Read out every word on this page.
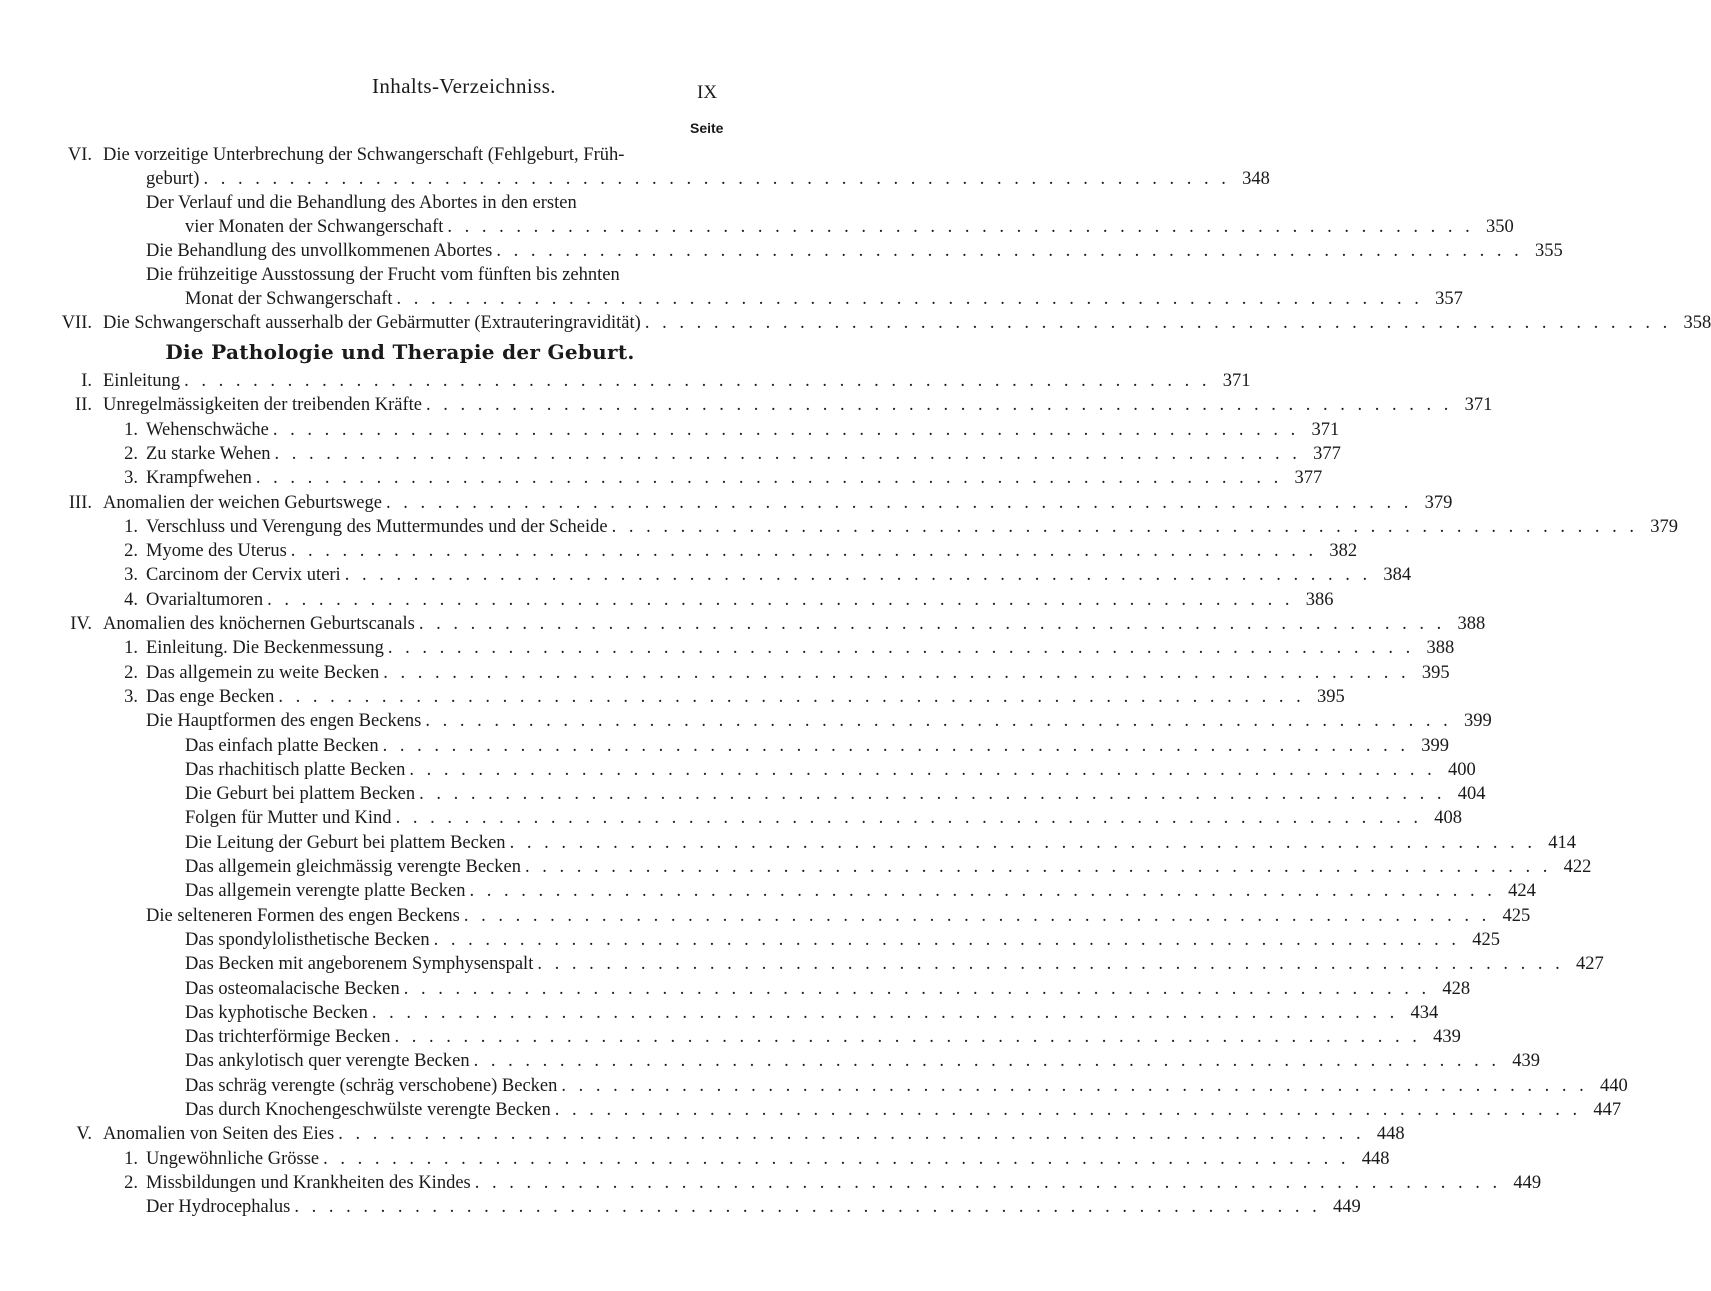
Inhalts-Verzeichniss.	IX
Seite
VI. Die vorzeitige Unterbrechung der Schwangerschaft (Fehlgeburt, Früh-
geburt) . . . . . . . . . . . . . . . . . . . . . . . . . . . . . . . . . . . . . . . . . . . . . . . . . . . . . . . . . . . . 348
Der Verlauf und die Behandlung des Abortes in den ersten
vier Monaten der Schwangerschaft . . . . . . . . . . . . . . . . . . . . . . . . . . . . . . . . . . . . . . . . . . . . . . . . . . . . . . . . . . . . 350
Die Behandlung des unvollkommenen Abortes . . . . . . . . . . . . . . . . . . . . . . . . . . . . . . . . . . . . . . . . . . . . . . . . . . . . . . . . . . . . 355
Die frühzeitige Ausstossung der Frucht vom fünften bis zehnten
Monat der Schwangerschaft . . . . . . . . . . . . . . . . . . . . . . . . . . . . . . . . . . . . . . . . . . . . . . . . . . . . . . . . . . . . 357
VII. Die Schwangerschaft ausserhalb der Gebärmutter (Extrauteringravidität) . . . . . . . . . . . . . . . . . . . . . . . . . . . . . . . . . . . . . . . . . . . . . . . . . . . . . . . . . . . . 358
Die Pathologie und Therapie der Geburt.
I. Einleitung . . . . . . . . . . . . . . . . . . . . . . . . . . . . . . . . . . . . . . . . . . . . . . . . . . . . . . . . . . . . 371
II. Unregelmässigkeiten der treibenden Kräfte . . . . . . . . . . . . . . . . . . . . . . . . . . . . . . . . . . . . . . . . . . . . . . . . . . . . . . . . . . . . 371
1. Wehenschwäche . . . . . . . . . . . . . . . . . . . . . . . . . . . . . . . . . . . . . . . . . . . . . . . . . . . . . . . . . . . . 371
2. Zu starke Wehen . . . . . . . . . . . . . . . . . . . . . . . . . . . . . . . . . . . . . . . . . . . . . . . . . . . . . . . . . . . . 377
3. Krampfwehen . . . . . . . . . . . . . . . . . . . . . . . . . . . . . . . . . . . . . . . . . . . . . . . . . . . . . . . . . . . . 377
III. Anomalien der weichen Geburtswege . . . . . . . . . . . . . . . . . . . . . . . . . . . . . . . . . . . . . . . . . . . . . . . . . . . . . . . . . . . . 379
1. Verschluss und Verengung des Muttermundes und der Scheide . . . . . . . . . . . . . . . . . . . . . . . . . . . . . . . . . . . . . . . . . . . . . . . . . . . . . . . . . . . . 379
2. Myome des Uterus . . . . . . . . . . . . . . . . . . . . . . . . . . . . . . . . . . . . . . . . . . . . . . . . . . . . . . . . . . . . 382
3. Carcinom der Cervix uteri . . . . . . . . . . . . . . . . . . . . . . . . . . . . . . . . . . . . . . . . . . . . . . . . . . . . . . . . . . . . 384
4. Ovarialtumoren . . . . . . . . . . . . . . . . . . . . . . . . . . . . . . . . . . . . . . . . . . . . . . . . . . . . . . . . . . . . 386
IV. Anomalien des knöchernen Geburtscanals . . . . . . . . . . . . . . . . . . . . . . . . . . . . . . . . . . . . . . . . . . . . . . . . . . . . . . . . . . . . 388
1. Einleitung. Die Beckenmessung . . . . . . . . . . . . . . . . . . . . . . . . . . . . . . . . . . . . . . . . . . . . . . . . . . . . . . . . . . . . 388
2. Das allgemein zu weite Becken . . . . . . . . . . . . . . . . . . . . . . . . . . . . . . . . . . . . . . . . . . . . . . . . . . . . . . . . . . . . 395
3. Das enge Becken . . . . . . . . . . . . . . . . . . . . . . . . . . . . . . . . . . . . . . . . . . . . . . . . . . . . . . . . . . . . 395
Die Hauptformen des engen Beckens . . . . . . . . . . . . . . . . . . . . . . . . . . . . . . . . . . . . . . . . . . . . . . . . . . . . . . . . . . . . 399
Das einfach platte Becken . . . . . . . . . . . . . . . . . . . . . . . . . . . . . . . . . . . . . . . . . . . . . . . . . . . . . . . . . . . . 399
Das rhachitisch platte Becken . . . . . . . . . . . . . . . . . . . . . . . . . . . . . . . . . . . . . . . . . . . . . . . . . . . . . . . . . . . . 400
Die Geburt bei plattem Becken . . . . . . . . . . . . . . . . . . . . . . . . . . . . . . . . . . . . . . . . . . . . . . . . . . . . . . . . . . . . 404
Folgen für Mutter und Kind . . . . . . . . . . . . . . . . . . . . . . . . . . . . . . . . . . . . . . . . . . . . . . . . . . . . . . . . . . . . 408
Die Leitung der Geburt bei plattem Becken . . . . . . . . . . . . . . . . . . . . . . . . . . . . . . . . . . . . . . . . . . . . . . . . . . . . . . . . . . . . 414
Das allgemein gleichmässig verengte Becken . . . . . . . . . . . . . . . . . . . . . . . . . . . . . . . . . . . . . . . . . . . . . . . . . . . . . . . . . . . . 422
Das allgemein verengte platte Becken . . . . . . . . . . . . . . . . . . . . . . . . . . . . . . . . . . . . . . . . . . . . . . . . . . . . . . . . . . . . 424
Die selteneren Formen des engen Beckens . . . . . . . . . . . . . . . . . . . . . . . . . . . . . . . . . . . . . . . . . . . . . . . . . . . . . . . . . . . . 425
Das spondylolisthetische Becken . . . . . . . . . . . . . . . . . . . . . . . . . . . . . . . . . . . . . . . . . . . . . . . . . . . . . . . . . . . . 425
Das Becken mit angeborenem Symphysenspalt . . . . . . . . . . . . . . . . . . . . . . . . . . . . . . . . . . . . . . . . . . . . . . . . . . . . . . . . . . . . 427
Das osteomalacische Becken . . . . . . . . . . . . . . . . . . . . . . . . . . . . . . . . . . . . . . . . . . . . . . . . . . . . . . . . . . . . 428
Das kyphotische Becken . . . . . . . . . . . . . . . . . . . . . . . . . . . . . . . . . . . . . . . . . . . . . . . . . . . . . . . . . . . . 434
Das trichterförmige Becken . . . . . . . . . . . . . . . . . . . . . . . . . . . . . . . . . . . . . . . . . . . . . . . . . . . . . . . . . . . . 439
Das ankylotisch quer verengte Becken . . . . . . . . . . . . . . . . . . . . . . . . . . . . . . . . . . . . . . . . . . . . . . . . . . . . . . . . . . . . 439
Das schräg verengte (schräg verschobene) Becken . . . . . . . . . . . . . . . . . . . . . . . . . . . . . . . . . . . . . . . . . . . . . . . . . . . . . . . . . . . . 440
Das durch Knochengeschwülste verengte Becken . . . . . . . . . . . . . . . . . . . . . . . . . . . . . . . . . . . . . . . . . . . . . . . . . . . . . . . . . . . . 447
V. Anomalien von Seiten des Eies . . . . . . . . . . . . . . . . . . . . . . . . . . . . . . . . . . . . . . . . . . . . . . . . . . . . . . . . . . . . 448
1. Ungewöhnliche Grösse . . . . . . . . . . . . . . . . . . . . . . . . . . . . . . . . . . . . . . . . . . . . . . . . . . . . . . . . . . . . 448
2. Missbildungen und Krankheiten des Kindes . . . . . . . . . . . . . . . . . . . . . . . . . . . . . . . . . . . . . . . . . . . . . . . . . . . . . . . . . . . . 449
Der Hydrocephalus . . . . . . . . . . . . . . . . . . . . . . . . . . . . . . . . . . . . . . . . . . . . . . . . . . . . . . . . . . . . 449
